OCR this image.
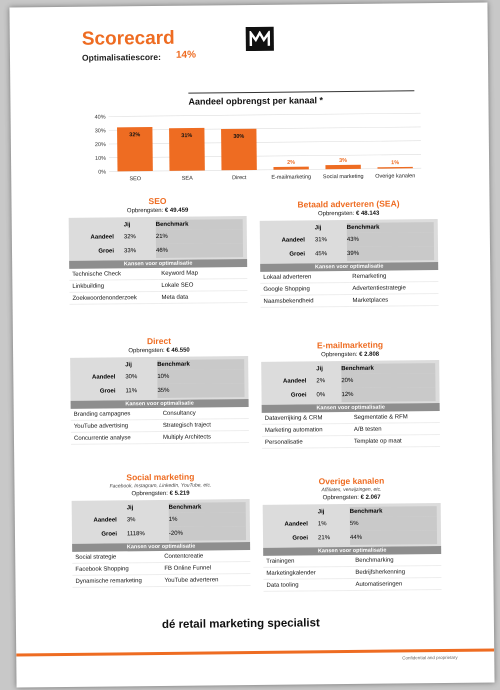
Scorecard
Optimalisatiescore: 14%
Aandeel opbrengst per kanaal *
40%
30%
20%
10%
0%
32%
SEO
31%
SEA
30%
Direct
2%
E-mailmarketing
3%
Social marketing
1%
Overige kanalen
SEO
Opbrengsten: € 49.459
	Jij	Benchmark
Aandeel	32%	21%
Groei	33%	46%
Kansen voor optimalisatie
Technische Check	Keyword Map
Linkbuilding	Lokale SEO
Zoekwoordenonderzoek	Meta data
Betaald adverteren (SEA)
Opbrengsten: € 48.143
	Jij	Benchmark
Aandeel	31%	43%
Groei	45%	39%
Kansen voor optimalisatie
Lokaal adverteren	Remarketing
Google Shopping	Advertentiestrategie
Naamsbekendheid	Marketplaces
Direct
Opbrengsten: € 46.550
	Jij	Benchmark
Aandeel	30%	10%
Groei	11%	35%
Kansen voor optimalisatie
Branding campagnes	Consultancy
YouTube advertising	Strategisch traject
Concurrentie analyse	Multiply Architects
E-mailmarketing
Opbrengsten: € 2.808
	Jij	Benchmark
Aandeel	2%	20%
Groei	0%	12%
Kansen voor optimalisatie
Dataverrijking & CRM	Segmentatie & RFM
Marketing automation	A/B testen
Personalisatie	Template op maat
Social marketing
Facebook, Instagram, LinkedIn, YouTube, etc.
Opbrengsten: € 5.219
	Jij	Benchmark
Aandeel	3%	1%
Groei	1118%	-20%
Kansen voor optimalisatie
Social strategie	Contentcreatie
Facebook Shopping	FB Online Funnel
Dynamische remarketing	YouTube adverteren
Overige kanalen
Affiliates, verwijzingen, etc.
Opbrengsten: € 2.067
	Jij	Benchmark
Aandeel	1%	5%
Groei	21%	44%
Kansen voor optimalisatie
Trainingen	Benchmarking
Marketingkalender	Bedrijfsherkenning
Data tooling	Automatiseringen
dé retail marketing specialist
Confidential and proprietary
